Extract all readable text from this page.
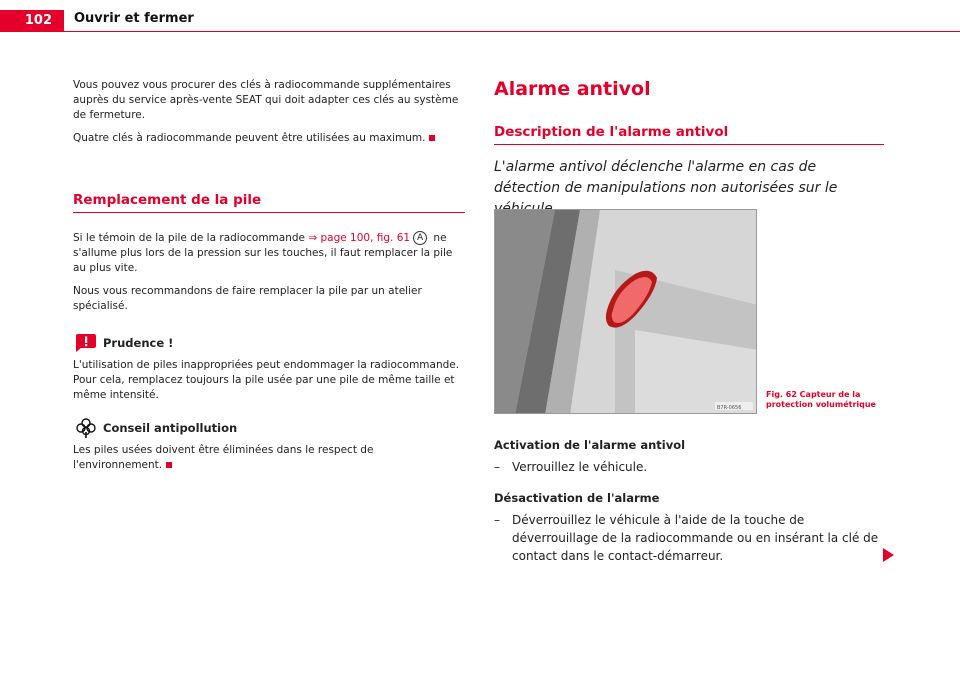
102	Ouvrir et fermer

Vous pouvez vous procurer des clés à radiocommande supplémentaires auprès du service après-vente SEAT qui doit adapter ces clés au système de fermeture.

Quatre clés à radiocommande peuvent être utilisées au maximum.

Remplacement de la pile

Si le témoin de la pile de la radiocommande ⇒ page 100, fig. 61 A ne s'allume plus lors de la pression sur les touches, il faut remplacer la pile au plus vite.

Nous vous recommandons de faire remplacer la pile par un atelier spécialisé.

Prudence !

L'utilisation de piles inappropriées peut endommager la radiocommande. Pour cela, remplacez toujours la pile usée par une pile de même taille et même intensité.

Conseil antipollution

Les piles usées doivent être éliminées dans le respect de l'environnement.

Alarme antivol
Description de l'alarme antivol

L'alarme antivol déclenche l'alarme en cas de détection de manipulations non autorisées sur le

B7R-0656
Fig. 62 Capteur de la protection volumétrique
Activation de l'alarme antivol
–	Verrouillez le véhicule.
Désactivation de l'alarme
–	Déverrouillez le véhicule à l'aide de la touche de déverrouillage de la radiocommande ou en insérant la clé de contact dans le contact-démarreur.
